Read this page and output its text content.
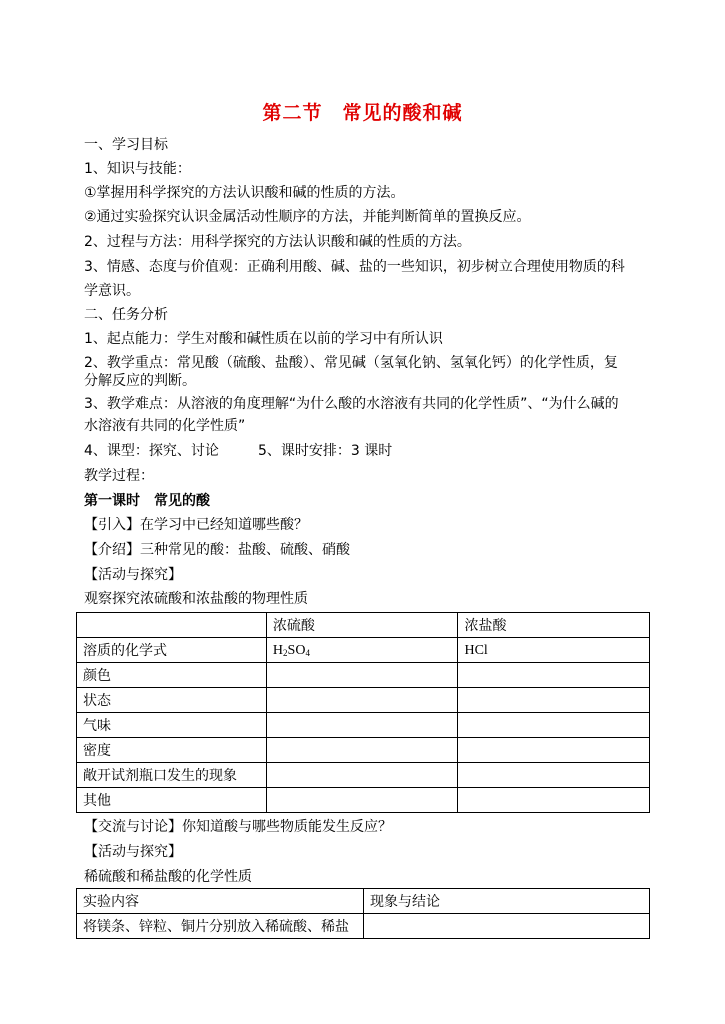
第二节　常见的酸和碱
一、学习目标
1、知识与技能：
①掌握用科学探究的方法认识酸和碱的性质的方法。
②通过实验探究认识金属活动性顺序的方法，并能判断简单的置换反应。
2、过程与方法：用科学探究的方法认识酸和碱的性质的方法。
3、情感、态度与价值观：正确利用酸、碱、盐的一些知识，初步树立合理使用物质的科
学意识。
二、任务分析
1、起点能力：学生对酸和碱性质在以前的学习中有所认识
2、教学重点：常见酸（硫酸、盐酸）、常见碱（氢氧化钠、氢氧化钙）的化学性质，复
分解反应的判断。
3、教学难点：从溶液的角度理解“为什么酸的水溶液有共同的化学性质”、“为什么碱的
水溶液有共同的化学性质”
4、课型：探究、讨论	5、课时安排：3 课时
教学过程：
第一课时　常见的酸
【引入】在学习中已经知道哪些酸？
【介绍】三种常见的酸：盐酸、硫酸、硝酸
【活动与探究】
观察探究浓硫酸和浓盐酸的物理性质
	浓硫酸	浓盐酸
溶质的化学式	$H_2SO_4$	HCl
颜色		
状态		
气味		
密度		
敞开试剂瓶口发生的现象		
其他		
【交流与讨论】你知道酸与哪些物质能发生反应？
【活动与探究】
稀硫酸和稀盐酸的化学性质
实验内容	现象与结论
将镁条、锌粒、铜片分别放入稀硫酸、稀盐	
